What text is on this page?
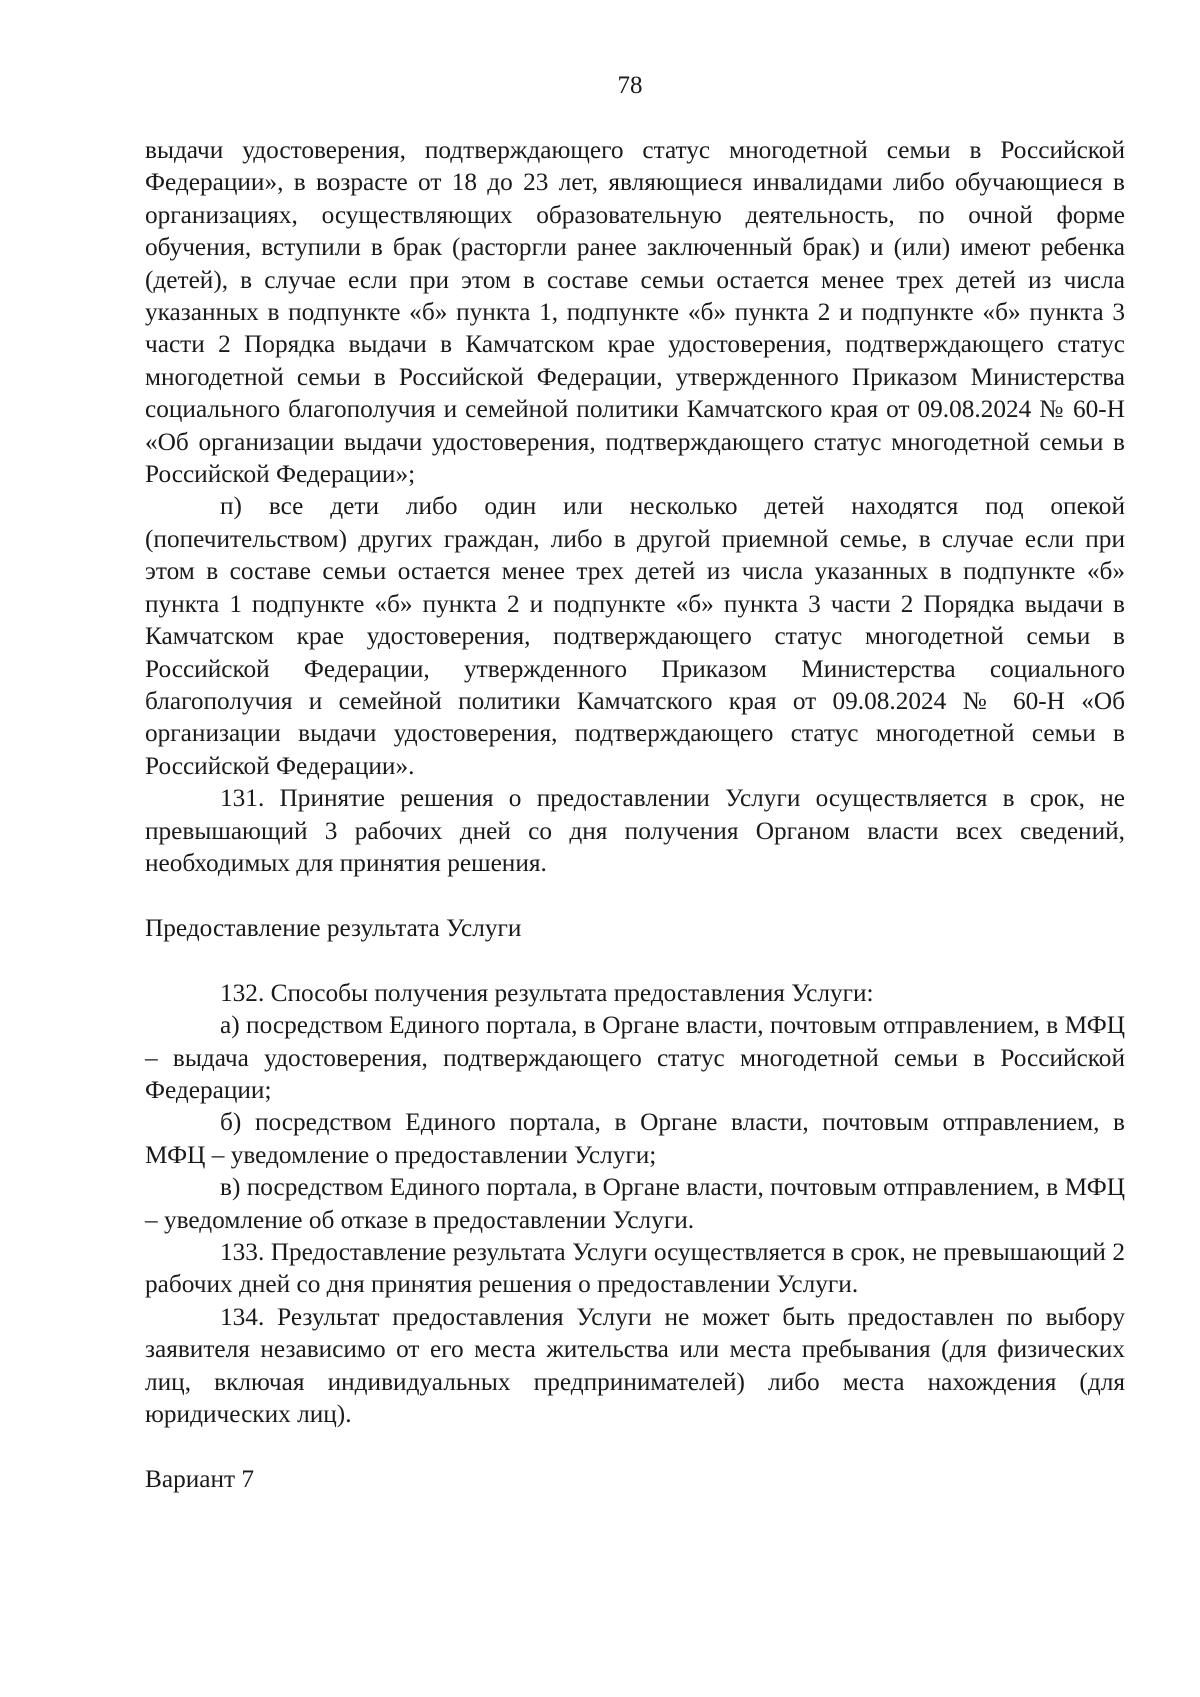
78

выдачи удостоверения, подтверждающего статус многодетной семьи в Российской Федерации», в возрасте от 18 до 23 лет, являющиеся инвалидами либо обучающиеся в организациях, осуществляющих образовательную деятельность, по очной форме обучения, вступили в брак (расторгли ранее заключенный брак) и (или) имеют ребенка (детей), в случае если при этом в составе семьи остается менее трех детей из числа указанных в подпункте «б» пункта 1, подпункте «б» пункта 2 и подпункте «б» пункта 3 части 2 Порядка выдачи в Камчатском крае удостоверения, подтверждающего статус многодетной семьи в Российской Федерации, утвержденного Приказом Министерства социального благополучия и семейной политики Камчатского края от 09.08.2024 № 60-Н «Об организации выдачи удостоверения, подтверждающего статус многодетной семьи в Российской Федерации»;

п) все дети либо один или несколько детей находятся под опекой (попечительством) других граждан, либо в другой приемной семье, в случае если при этом в составе семьи остается менее трех детей из числа указанных в подпункте «б» пункта 1 подпункте «б» пункта 2 и подпункте «б» пункта 3 части 2 Порядка выдачи в Камчатском крае удостоверения, подтверждающего статус многодетной семьи в Российской Федерации, утвержденного Приказом Министерства социального благополучия и семейной политики Камчатского края от 09.08.2024 № 60-Н «Об организации выдачи удостоверения, подтверждающего статус многодетной семьи в Российской Федерации».

131. Принятие решения о предоставлении Услуги осуществляется в срок, не превышающий 3 рабочих дней со дня получения Органом власти всех сведений, необходимых для принятия решения.

Предоставление результата Услуги

132. Способы получения результата предоставления Услуги:

а) посредством Единого портала, в Органе власти, почтовым отправлением, в МФЦ – выдача удостоверения, подтверждающего статус многодетной семьи в Российской Федерации;

б) посредством Единого портала, в Органе власти, почтовым отправлением, в МФЦ – уведомление о предоставлении Услуги;

в) посредством Единого портала, в Органе власти, почтовым отправлением, в МФЦ – уведомление об отказе в предоставлении Услуги.

133. Предоставление результата Услуги осуществляется в срок, не превышающий 2 рабочих дней со дня принятия решения о предоставлении Услуги.

134. Результат предоставления Услуги не может быть предоставлен по выбору заявителя независимо от его места жительства или места пребывания (для физических лиц, включая индивидуальных предпринимателей) либо места нахождения (для юридических лиц).

Вариант 7
